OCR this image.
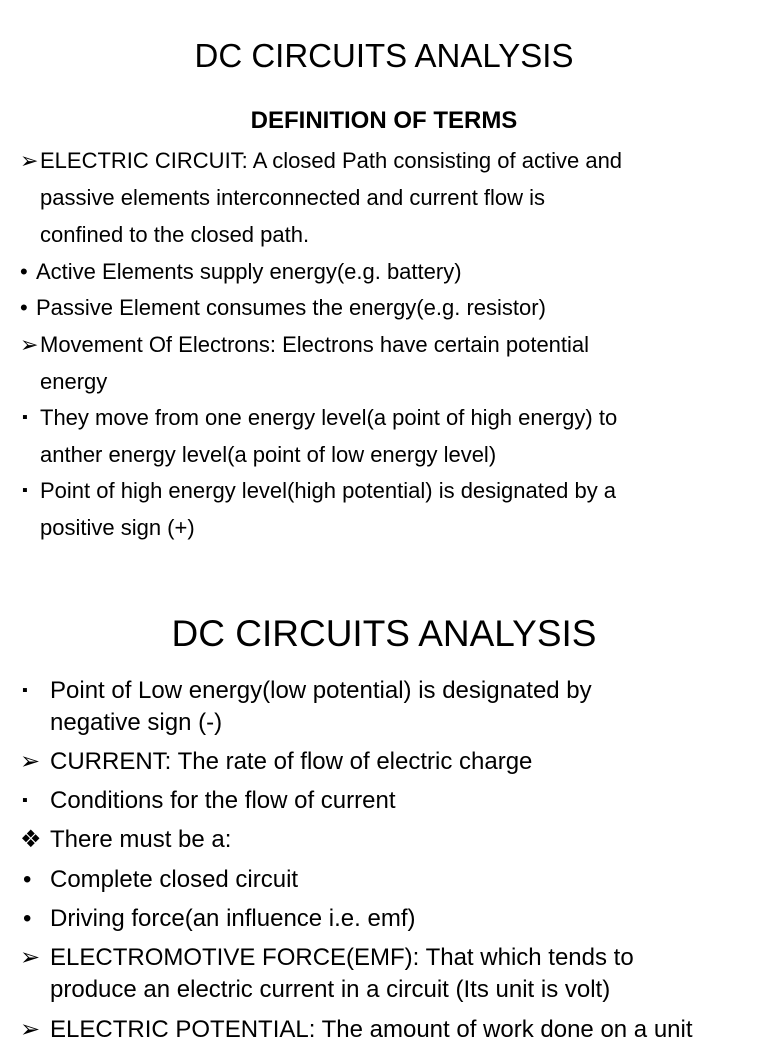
DC CIRCUITS ANALYSIS
DEFINITION OF TERMS
➢ ELECTRIC CIRCUIT: A closed Path consisting of active and
passive elements interconnected and current flow is
confined to the closed path.
• Active Elements supply energy(e.g. battery)
• Passive Element consumes the energy(e.g. resistor)
➢ Movement Of Electrons: Electrons have certain potential
energy
▪ They move from one energy level(a point of high energy) to
anther energy level(a point of low energy level)
▪ Point of high energy level(high potential) is designated by a
positive sign (+)
DC CIRCUITS ANALYSIS
▪ Point of Low energy(low potential) is designated by
negative sign (-)
➢ CURRENT: The rate of flow of electric charge
▪ Conditions for the flow of current
❖ There must be a:
• Complete closed circuit
• Driving force(an influence i.e. emf)
➢ ELECTROMOTIVE FORCE(EMF): That which tends to
produce an electric current in a circuit (Its unit is volt)
➢ ELECTRIC POTENTIAL: The amount of work done on a unit
